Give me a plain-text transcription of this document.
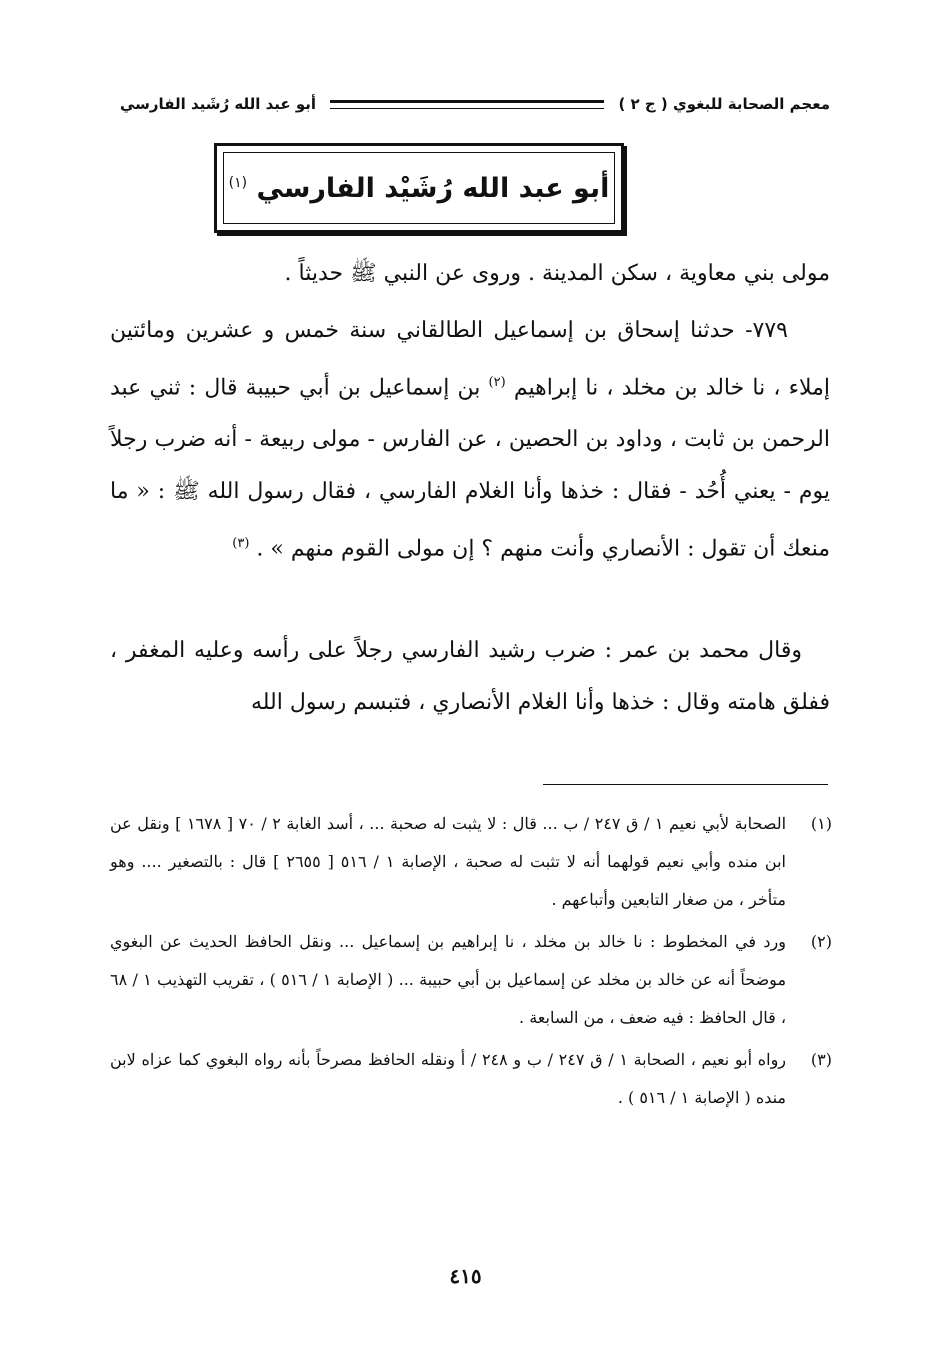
معجم الصحابة للبغوي ( ج ٢ )
أبو عبد الله رُشَيد الفارسي
أبو عبد الله رُشَيْد الفارسي $^{(١)}$
مولى بني معاوية ، سكن المدينة . وروى عن النبي ﷺ حديثاً .

٧٧٩- حدثنا إسحاق بن إسماعيل الطالقاني سنة خمس و عشرين ومائتين إملاء ، نا خالد بن مخلد ، نا إبراهيم $^{(٢)}$ بن إسماعيل بن أبي حبيبة قال : ثني عبد الرحمن بن ثابت ، وداود بن الحصين ، عن الفارس - مولى ربيعة - أنه ضرب رجلاً يوم - يعني أُحُد - فقال : خذها وأنا الغلام الفارسي ، فقال رسول الله ﷺ : « ما منعك أن تقول : الأنصاري وأنت منهم ؟ إن مولى القوم منهم » . $^{(٣)}$

وقال محمد بن عمر : ضرب رشيد الفارسي رجلاً على رأسه وعليه المغفر ، ففلق هامته وقال : خذها وأنا الغلام الأنصاري ، فتبسم رسول الله

(١)
الصحابة لأبي نعيم ١ / ق ٢٤٧ / ب ... قال : لا يثبت له صحبة ... ، أسد الغابة ٢ / ٧٠ [ ١٦٧٨ ] ونقل عن ابن منده وأبي نعيم قولهما أنه لا تثبت له صحبة ، الإصابة ١ / ٥١٦ [ ٢٦٥٥ ] قال : بالتصغير .... وهو متأخر ، من صغار التابعين وأتباعهم .
(٢)
ورد في المخطوط : نا خالد بن مخلد ، نا إبراهيم بن إسماعيل ... ونقل الحافظ الحديث عن البغوي موضحاً أنه عن خالد بن مخلد عن إسماعيل بن أبي حبيبة ... ( الإصابة ١ / ٥١٦ ) ، تقريب التهذيب ١ / ٦٨ ، قال الحافظ : فيه ضعف ، من السابعة .
(٣)
رواه أبو نعيم ، الصحابة ١ / ق ٢٤٧ / ب و ٢٤٨ / أ ونقله الحافظ مصرحاً بأنه رواه البغوي كما عزاه لابن منده ( الإصابة ١ / ٥١٦ ) .
٤١٥
